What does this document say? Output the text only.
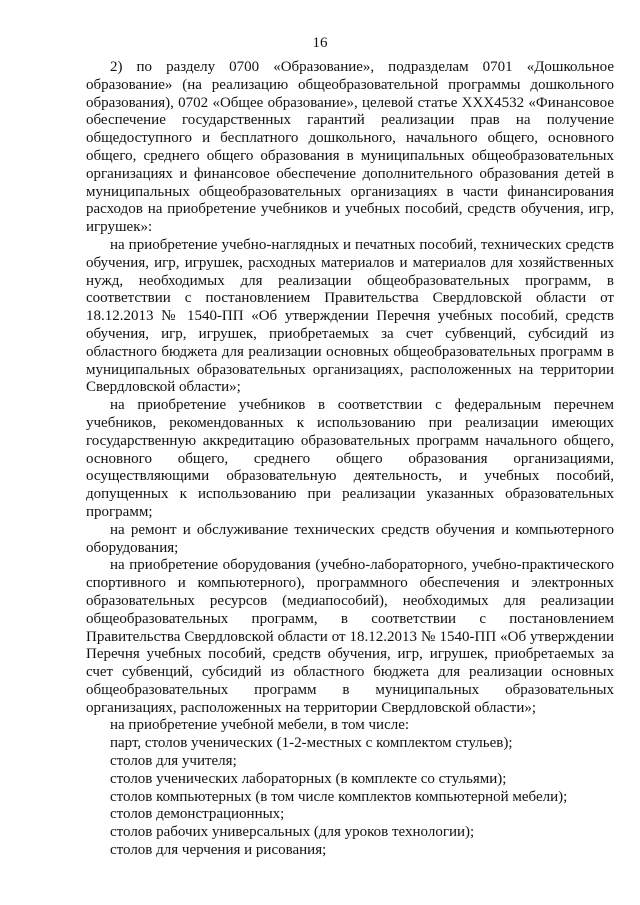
16

2) по разделу 0700 «Образование», подразделам 0701 «Дошкольное образование» (на реализацию общеобразовательной программы дошкольного образования), 0702 «Общее образование», целевой статье XXX4532 «Финансовое обеспечение государственных гарантий реализации прав на получение общедоступного и бесплатного дошкольного, начального общего, основного общего, среднего общего образования в муниципальных общеобразовательных организациях и финансовое обеспечение дополнительного образования детей в муниципальных общеобразовательных организациях в части финансирования расходов на приобретение учебников и учебных пособий, средств обучения, игр, игрушек»:

на приобретение учебно-наглядных и печатных пособий, технических средств обучения, игр, игрушек, расходных материалов и материалов для хозяйственных нужд, необходимых для реализации общеобразовательных программ, в соответствии с постановлением Правительства Свердловской области от 18.12.2013 № 1540-ПП «Об утверждении Перечня учебных пособий, средств обучения, игр, игрушек, приобретаемых за счет субвенций, субсидий из областного бюджета для реализации основных общеобразовательных программ в муниципальных образовательных организациях, расположенных на территории Свердловской области»;

на приобретение учебников в соответствии с федеральным перечнем учебников, рекомендованных к использованию при реализации имеющих государственную аккредитацию образовательных программ начального общего, основного общего, среднего общего образования организациями, осуществляющими образовательную деятельность, и учебных пособий, допущенных к использованию при реализации указанных образовательных программ;

на ремонт и обслуживание технических средств обучения и компьютерного оборудования;

на приобретение оборудования (учебно-лабораторного, учебно-практического спортивного и компьютерного), программного обеспечения и электронных образовательных ресурсов (медиапособий), необходимых для реализации общеобразовательных программ, в соответствии с постановлением Правительства Свердловской области от 18.12.2013 № 1540-ПП «Об утверждении Перечня учебных пособий, средств обучения, игр, игрушек, приобретаемых за счет субвенций, субсидий из областного бюджета для реализации основных общеобразовательных программ в муниципальных образовательных организациях, расположенных на территории Свердловской области»;

на приобретение учебной мебели, в том числе:

парт, столов ученических (1-2-местных с комплектом стульев);

столов для учителя;

столов ученических лабораторных (в комплекте со стульями);

столов компьютерных (в том числе комплектов компьютерной мебели);

столов демонстрационных;

столов рабочих универсальных (для уроков технологии);

столов для черчения и рисования;
